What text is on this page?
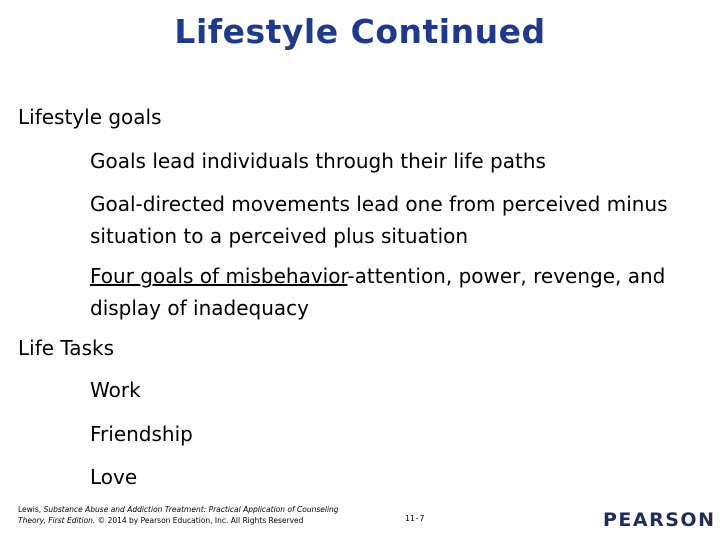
Lifestyle Continued
Lifestyle goals
Goals lead individuals through their life paths
Goal-directed movements lead one from perceived minus situation to a perceived plus situation
Four goals of misbehavior-attention, power, revenge, and display of inadequacy
Life Tasks
Work
Friendship
Love
Lewis, Substance Abuse and Addiction Treatment: Practical Application of Counseling Theory, First Edition. © 2014 by Pearson Education, Inc. All Rights Reserved	11-7	PEARSON
